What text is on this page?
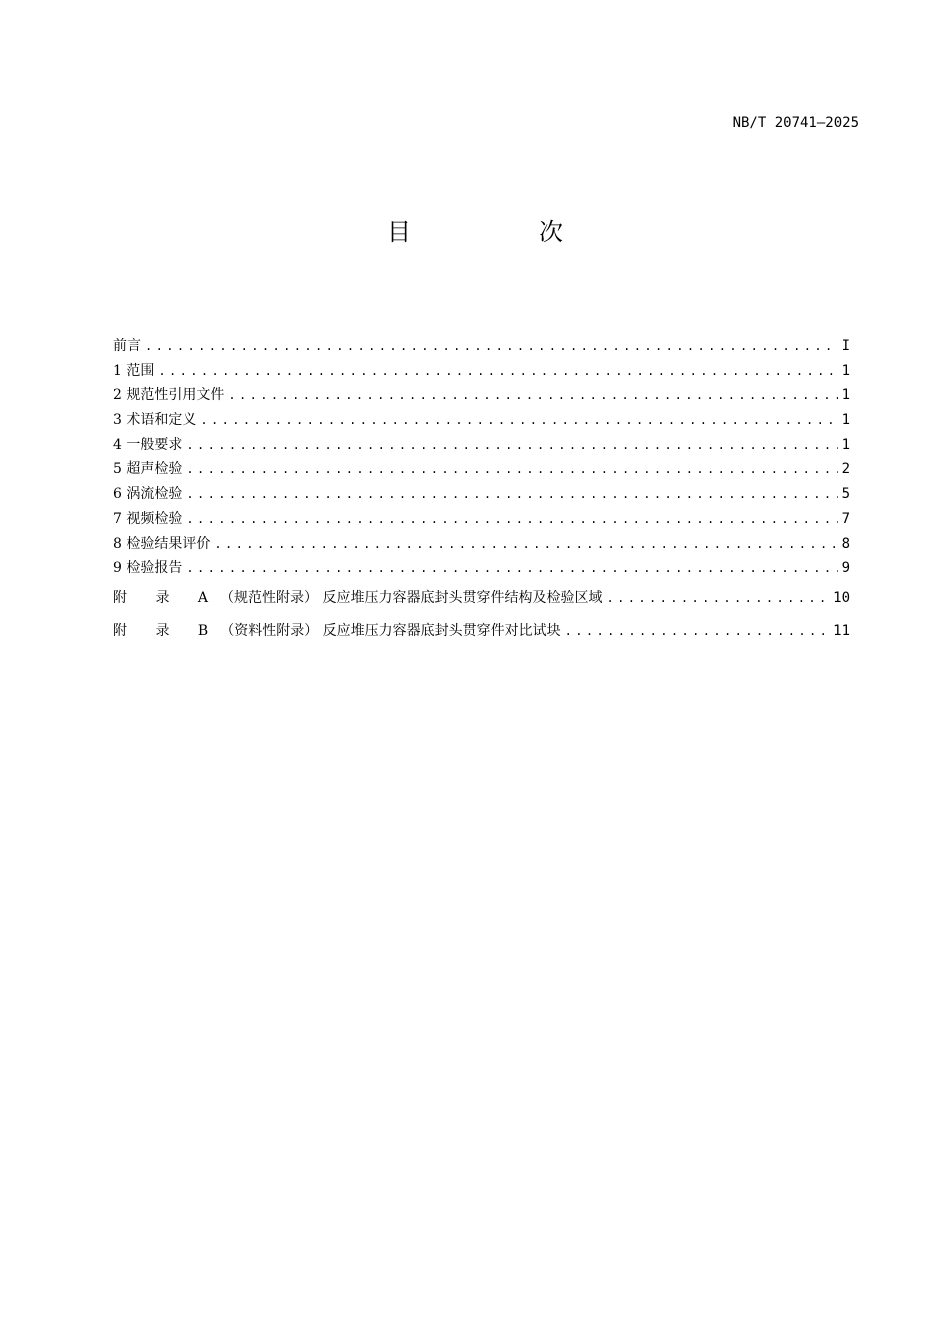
NB/T 20741—2025
目　次
前言 .....	I
1 范围 .....	1
2 规范性引用文件 .....	1
3 术语和定义 .....	1
4 一般要求 .....	1
5 超声检验 .....	2
6 涡流检验 .....	5
7 视频检验 .....	7
8 检验结果评价 .....	8
9 检验报告 .....	9
附 录 A（规范性附录） 反应堆压力容器底封头贯穿件结构及检验区域 .....	10
附 录 B（资料性附录） 反应堆压力容器底封头贯穿件对比试块 .....	11
